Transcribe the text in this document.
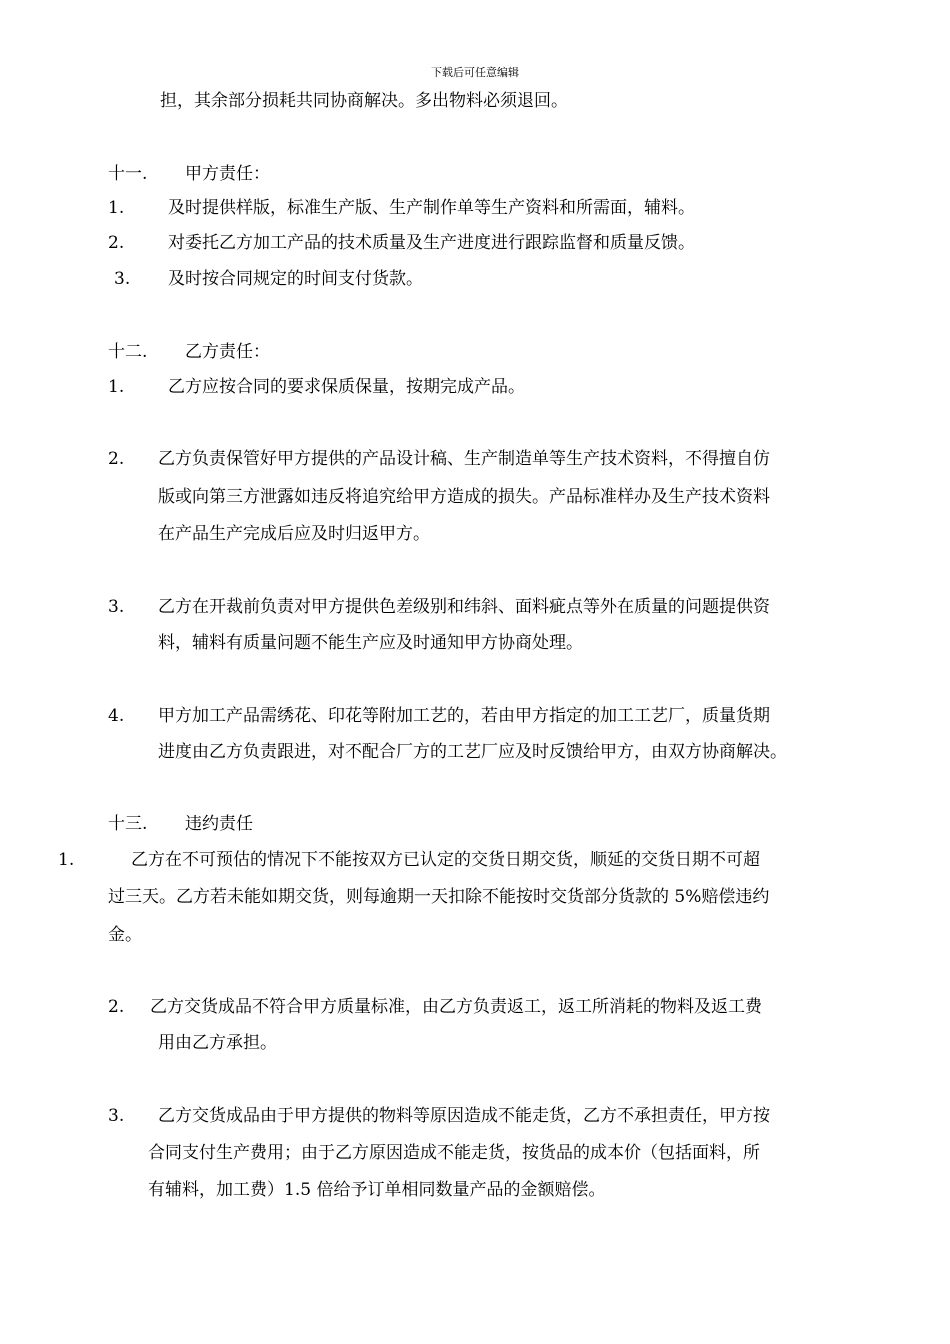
下载后可任意编辑
担，其余部分损耗共同协商解决。多出物料必须退回。
十一. 甲方责任：
1.	及时提供样版，标准生产版、生产制作单等生产资料和所需面，辅料。
2.	对委托乙方加工产品的技术质量及生产进度进行跟踪监督和质量反馈。
3. 及时按合同规定的时间支付货款。
十二. 乙方责任：
1.	乙方应按合同的要求保质保量，按期完成产品。
2. 乙方负责保管好甲方提供的产品设计稿、生产制造单等生产技术资料，不得擅自仿
版或向第三方泄露如违反将追究给甲方造成的损失。产品标准样办及生产技术资料
在产品生产完成后应及时归返甲方。
3. 乙方在开裁前负责对甲方提供色差级别和纬斜、面料疵点等外在质量的问题提供资
料，辅料有质量问题不能生产应及时通知甲方协商处理。
4. 甲方加工产品需绣花、印花等附加工艺的，若由甲方指定的加工工艺厂，质量货期
进度由乙方负责跟进，对不配合厂方的工艺厂应及时反馈给甲方，由双方协商解决。
十三. 违约责任
1.	乙方在不可预估的情况下不能按双方已认定的交货日期交货，顺延的交货日期不可超
过三天。乙方若未能如期交货，则每逾期一天扣除不能按时交货部分货款的 5%赔偿违约
金。
2. 乙方交货成品不符合甲方质量标准，由乙方负责返工，返工所消耗的物料及返工费
用由乙方承担。
3. 乙方交货成品由于甲方提供的物料等原因造成不能走货，乙方不承担责任，甲方按
合同支付生产费用；由于乙方原因造成不能走货，按货品的成本价（包括面料，所
有辅料，加工费）1.5 倍给予订单相同数量产品的金额赔偿。
